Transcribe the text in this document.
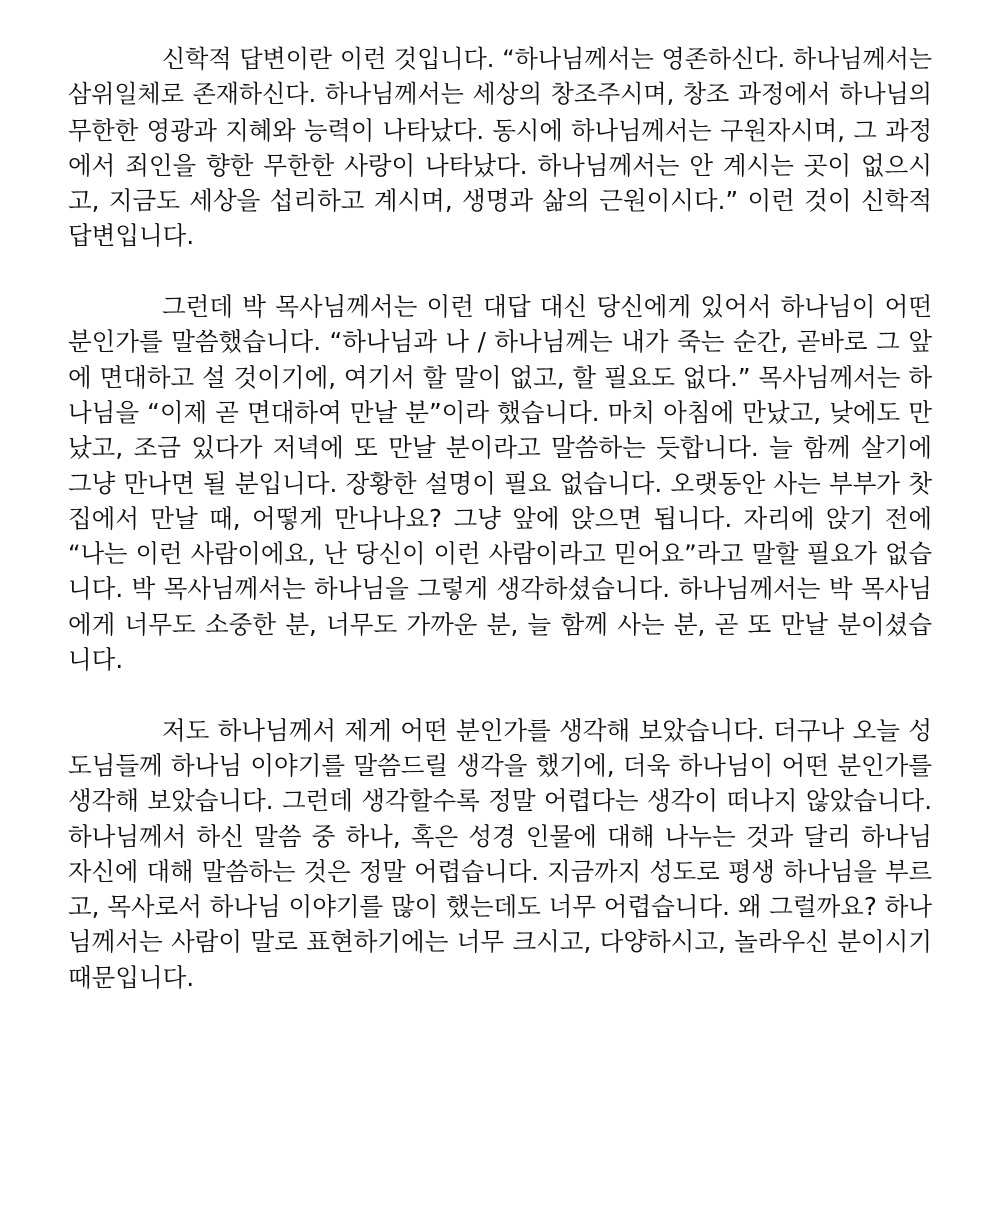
신학적 답변이란 이런 것입니다. “하나님께서는 영존하신다. 하나님께서는
삼위일체로 존재하신다. 하나님께서는 세상의 창조주시며, 창조 과정에서 하나님의
무한한 영광과 지혜와 능력이 나타났다. 동시에 하나님께서는 구원자시며, 그 과정
에서 죄인을 향한 무한한 사랑이 나타났다. 하나님께서는 안 계시는 곳이 없으시
고, 지금도 세상을 섭리하고 계시며, 생명과 삶의 근원이시다.” 이런 것이 신학적
답변입니다.
그런데 박 목사님께서는 이런 대답 대신 당신에게 있어서 하나님이 어떤
분인가를 말씀했습니다. “하나님과 나 / 하나님께는 내가 죽는 순간, 곧바로 그 앞
에 면대하고 설 것이기에, 여기서 할 말이 없고, 할 필요도 없다.” 목사님께서는 하
나님을 “이제 곧 면대하여 만날 분”이라 했습니다. 마치 아침에 만났고, 낮에도 만
났고, 조금 있다가 저녁에 또 만날 분이라고 말씀하는 듯합니다. 늘 함께 살기에
그냥 만나면 될 분입니다. 장황한 설명이 필요 없습니다. 오랫동안 사는 부부가 찻
집에서 만날 때, 어떻게 만나나요? 그냥 앞에 앉으면 됩니다. 자리에 앉기 전에
“나는 이런 사람이에요, 난 당신이 이런 사람이라고 믿어요”라고 말할 필요가 없습
니다. 박 목사님께서는 하나님을 그렇게 생각하셨습니다. 하나님께서는 박 목사님
에게 너무도 소중한 분, 너무도 가까운 분, 늘 함께 사는 분, 곧 또 만날 분이셨습
니다.
저도 하나님께서 제게 어떤 분인가를 생각해 보았습니다. 더구나 오늘 성
도님들께 하나님 이야기를 말씀드릴 생각을 했기에, 더욱 하나님이 어떤 분인가를
생각해 보았습니다. 그런데 생각할수록 정말 어렵다는 생각이 떠나지 않았습니다.
하나님께서 하신 말씀 중 하나, 혹은 성경 인물에 대해 나누는 것과 달리 하나님
자신에 대해 말씀하는 것은 정말 어렵습니다. 지금까지 성도로 평생 하나님을 부르
고, 목사로서 하나님 이야기를 많이 했는데도 너무 어렵습니다. 왜 그럴까요? 하나
님께서는 사람이 말로 표현하기에는 너무 크시고, 다양하시고, 놀라우신 분이시기
때문입니다.
